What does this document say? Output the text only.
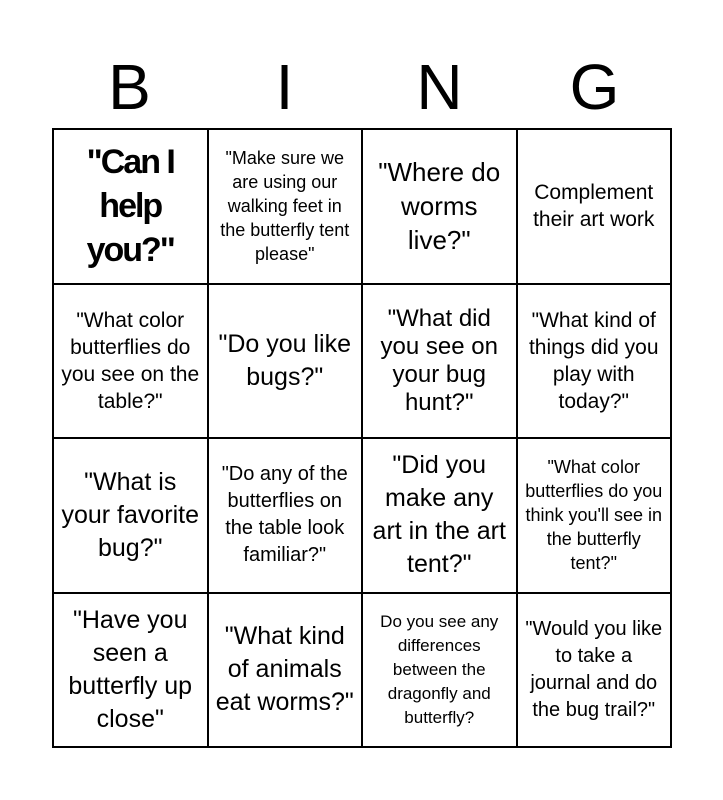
B	I	N	G
"Can I help you?"
"Make sure we are using our walking feet in the butterfly tent please"
"Where do worms live?"
Complement their art work
"What color butterflies do you see on the table?"
"Do you like bugs?"
"What did you see on your bug hunt?"
"What kind of things did you play with today?"
"What is your favorite bug?"
"Do any of the butterflies on the table look familiar?"
"Did you make any art in the art tent?"
"What color butterflies do you think you'll see in the butterfly tent?"
"Have you seen a butterfly up close"
"What kind of animals eat worms?"
Do you see any differences between the dragonfly and butterfly?
"Would you like to take a journal and do the bug trail?"
